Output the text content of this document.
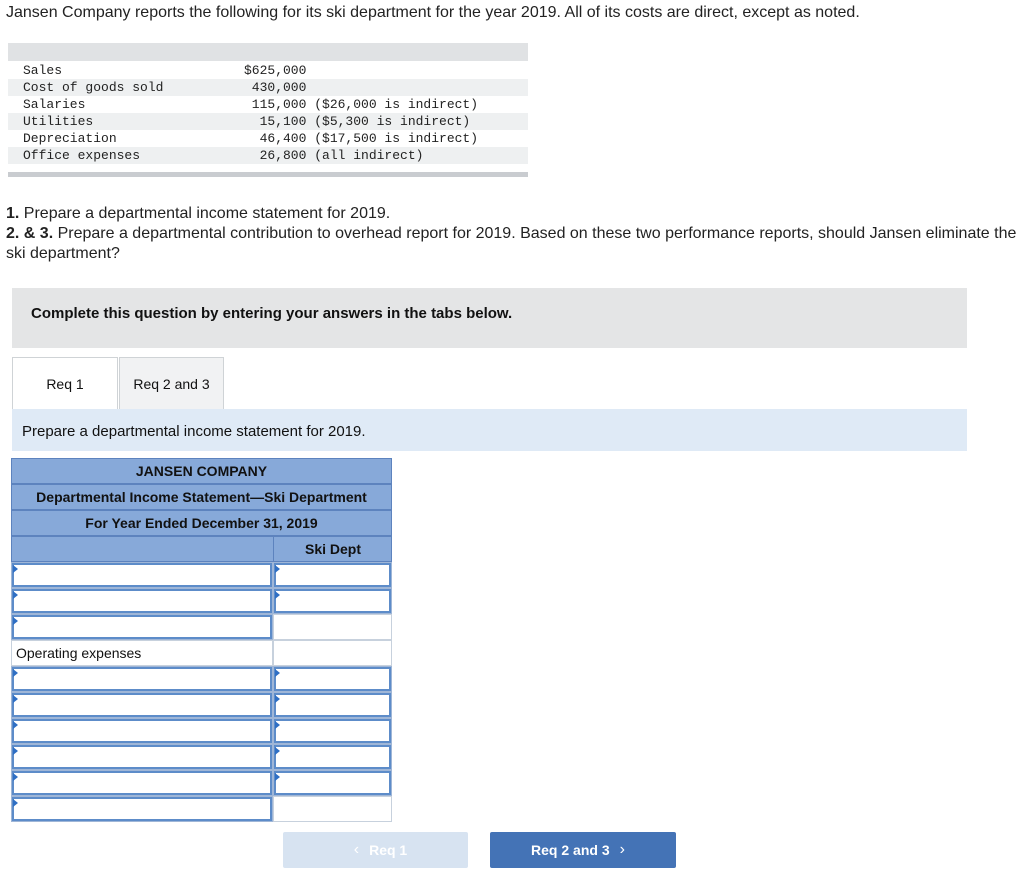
Jansen Company reports the following for its ski department for the year 2019. All of its costs are direct, except as noted.
Sales	$625,000
Cost of goods sold	430,000
Salaries	115,000 ($26,000 is indirect)
Utilities	15,100 ($5,300 is indirect)
Depreciation	46,400 ($17,500 is indirect)
Office expenses	26,800 (all indirect)
1. Prepare a departmental income statement for 2019.
2. & 3. Prepare a departmental contribution to overhead report for 2019. Based on these two performance reports, should Jansen eliminate the ski department?
Complete this question by entering your answers in the tabs below.
Req 1	Req 2 and 3
Prepare a departmental income statement for 2019.
JANSEN COMPANY
Departmental Income Statement—Ski Department
For Year Ended December 31, 2019
Ski Dept
Operating expenses
‹ Req 1	Req 2 and 3 ›
